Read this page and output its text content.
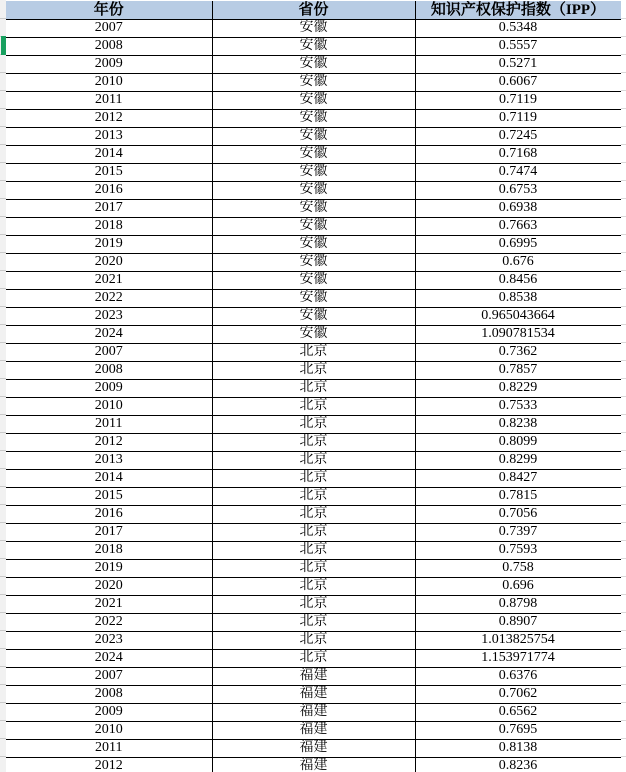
年份	省份	知识产权保护指数（IPP）
2007	安徽	0.5348
2008	安徽	0.5557
2009	安徽	0.5271
2010	安徽	0.6067
2011	安徽	0.7119
2012	安徽	0.7119
2013	安徽	0.7245
2014	安徽	0.7168
2015	安徽	0.7474
2016	安徽	0.6753
2017	安徽	0.6938
2018	安徽	0.7663
2019	安徽	0.6995
2020	安徽	0.676
2021	安徽	0.8456
2022	安徽	0.8538
2023	安徽	0.965043664
2024	安徽	1.090781534
2007	北京	0.7362
2008	北京	0.7857
2009	北京	0.8229
2010	北京	0.7533
2011	北京	0.8238
2012	北京	0.8099
2013	北京	0.8299
2014	北京	0.8427
2015	北京	0.7815
2016	北京	0.7056
2017	北京	0.7397
2018	北京	0.7593
2019	北京	0.758
2020	北京	0.696
2021	北京	0.8798
2022	北京	0.8907
2023	北京	1.013825754
2024	北京	1.153971774
2007	福建	0.6376
2008	福建	0.7062
2009	福建	0.6562
2010	福建	0.7695
2011	福建	0.8138
2012	福建	0.8236
